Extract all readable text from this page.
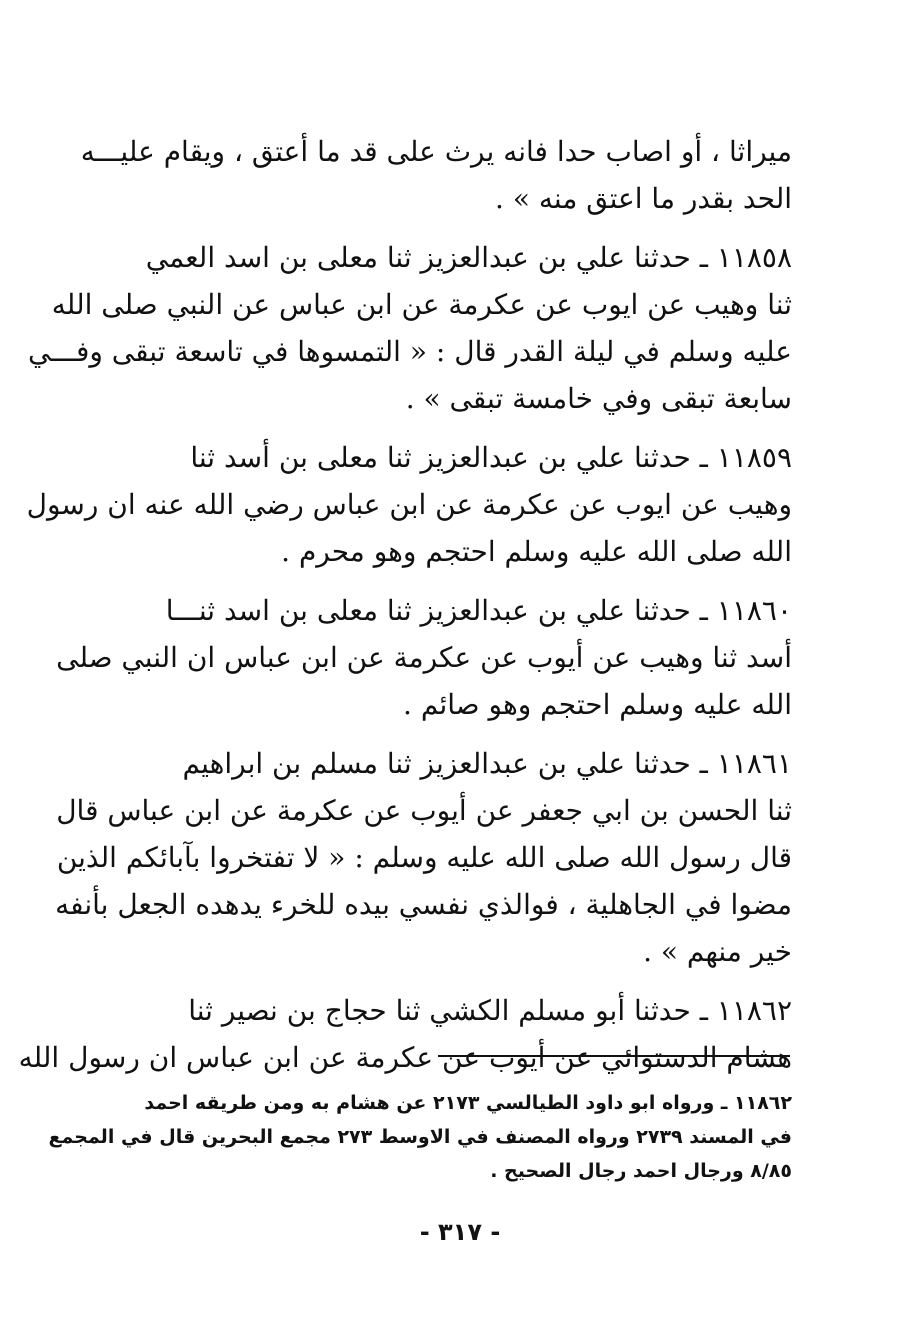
ميراثا ، أو اصاب حدا فانه يرث على قد ما أعتق ، ويقام عليـــه
الحد بقدر ما اعتق منه » .

١١٨٥٨ ـ حدثنا علي بن عبدالعزيز ثنا معلى بن اسد العمي
ثنا وهيب عن ايوب عن عكرمة عن ابن عباس عن النبي صلى الله
عليه وسلم في ليلة القدر قال : « التمسوها في تاسعة تبقى وفـــي
سابعة تبقى وفي خامسة تبقى » .

١١٨٥٩ ـ حدثنا علي بن عبدالعزيز ثنا معلى بن أسد ثنا
وهيب عن ايوب عن عكرمة عن ابن عباس رضي الله عنه ان رسول
الله صلى الله عليه وسلم احتجم وهو محرم .

١١٨٦٠ ـ حدثنا علي بن عبدالعزيز ثنا معلى بن اسد ثنـــا
أسد ثنا وهيب عن أيوب عن عكرمة عن ابن عباس ان النبي صلى
الله عليه وسلم احتجم وهو صائم .

١١٨٦١ ـ حدثنا علي بن عبدالعزيز ثنا مسلم بن ابراهيم
ثنا الحسن بن ابي جعفر عن أيوب عن عكرمة عن ابن عباس قال
قال رسول الله صلى الله عليه وسلم : « لا تفتخروا بآبائكم الذين
مضوا في الجاهلية ، فوالذي نفسي بيده للخرء يدهده الجعل بأنفه
خير منهم » .

١١٨٦٢ ـ حدثنا أبو مسلم الكشي ثنا حجاج بن نصير ثنا
هشام الدستوائي عن أيوب عن عكرمة عن ابن عباس ان رسول الله

١١٨٦٢ ـ ورواه ابو داود الطيالسي ٢١٧٣ عن هشام به ومن طريقه احمد
في المسند ٢٧٣٩ ورواه المصنف في الاوسط ٢٧٣ مجمع البحرين قال في المجمع
٨/٨٥ ورجال احمد رجال الصحيح .
- ٣١٧ -
